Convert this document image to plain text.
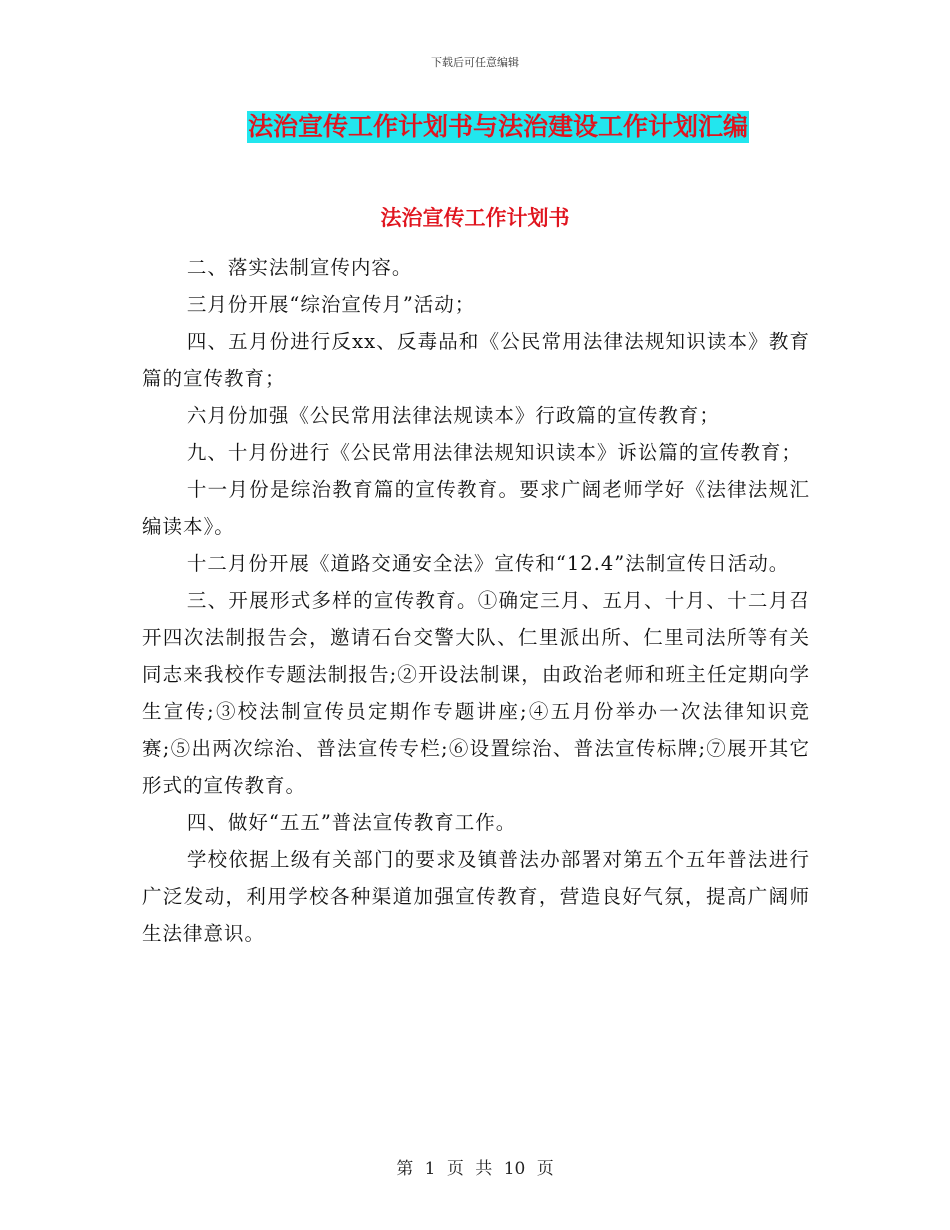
下载后可任意编辑
法治宣传工作计划书与法治建设工作计划汇编
法治宣传工作计划书

二、落实法制宣传内容。

三月份开展“综治宣传月”活动；

四、五月份进行反xx、反毒品和《公民常用法律法规知识读本》教育篇的宣传教育；

六月份加强《公民常用法律法规读本》行政篇的宣传教育；

九、十月份进行《公民常用法律法规知识读本》诉讼篇的宣传教育；

十一月份是综治教育篇的宣传教育。要求广阔老师学好《法律法规汇编读本》。

十二月份开展《道路交通安全法》宣传和“12.4”法制宣传日活动。

三、开展形式多样的宣传教育。①确定三月、五月、十月、十二月召开四次法制报告会，邀请石台交警大队、仁里派出所、仁里司法所等有关同志来我校作专题法制报告;②开设法制课，由政治老师和班主任定期向学生宣传;③校法制宣传员定期作专题讲座;④五月份举办一次法律知识竞赛;⑤出两次综治、普法宣传专栏;⑥设置综治、普法宣传标牌;⑦展开其它形式的宣传教育。

四、做好“五五”普法宣传教育工作。

学校依据上级有关部门的要求及镇普法办部署对第五个五年普法进行广泛发动，利用学校各种渠道加强宣传教育，营造良好气氛，提高广阔师生法律意识。

第 1 页 共 10 页
